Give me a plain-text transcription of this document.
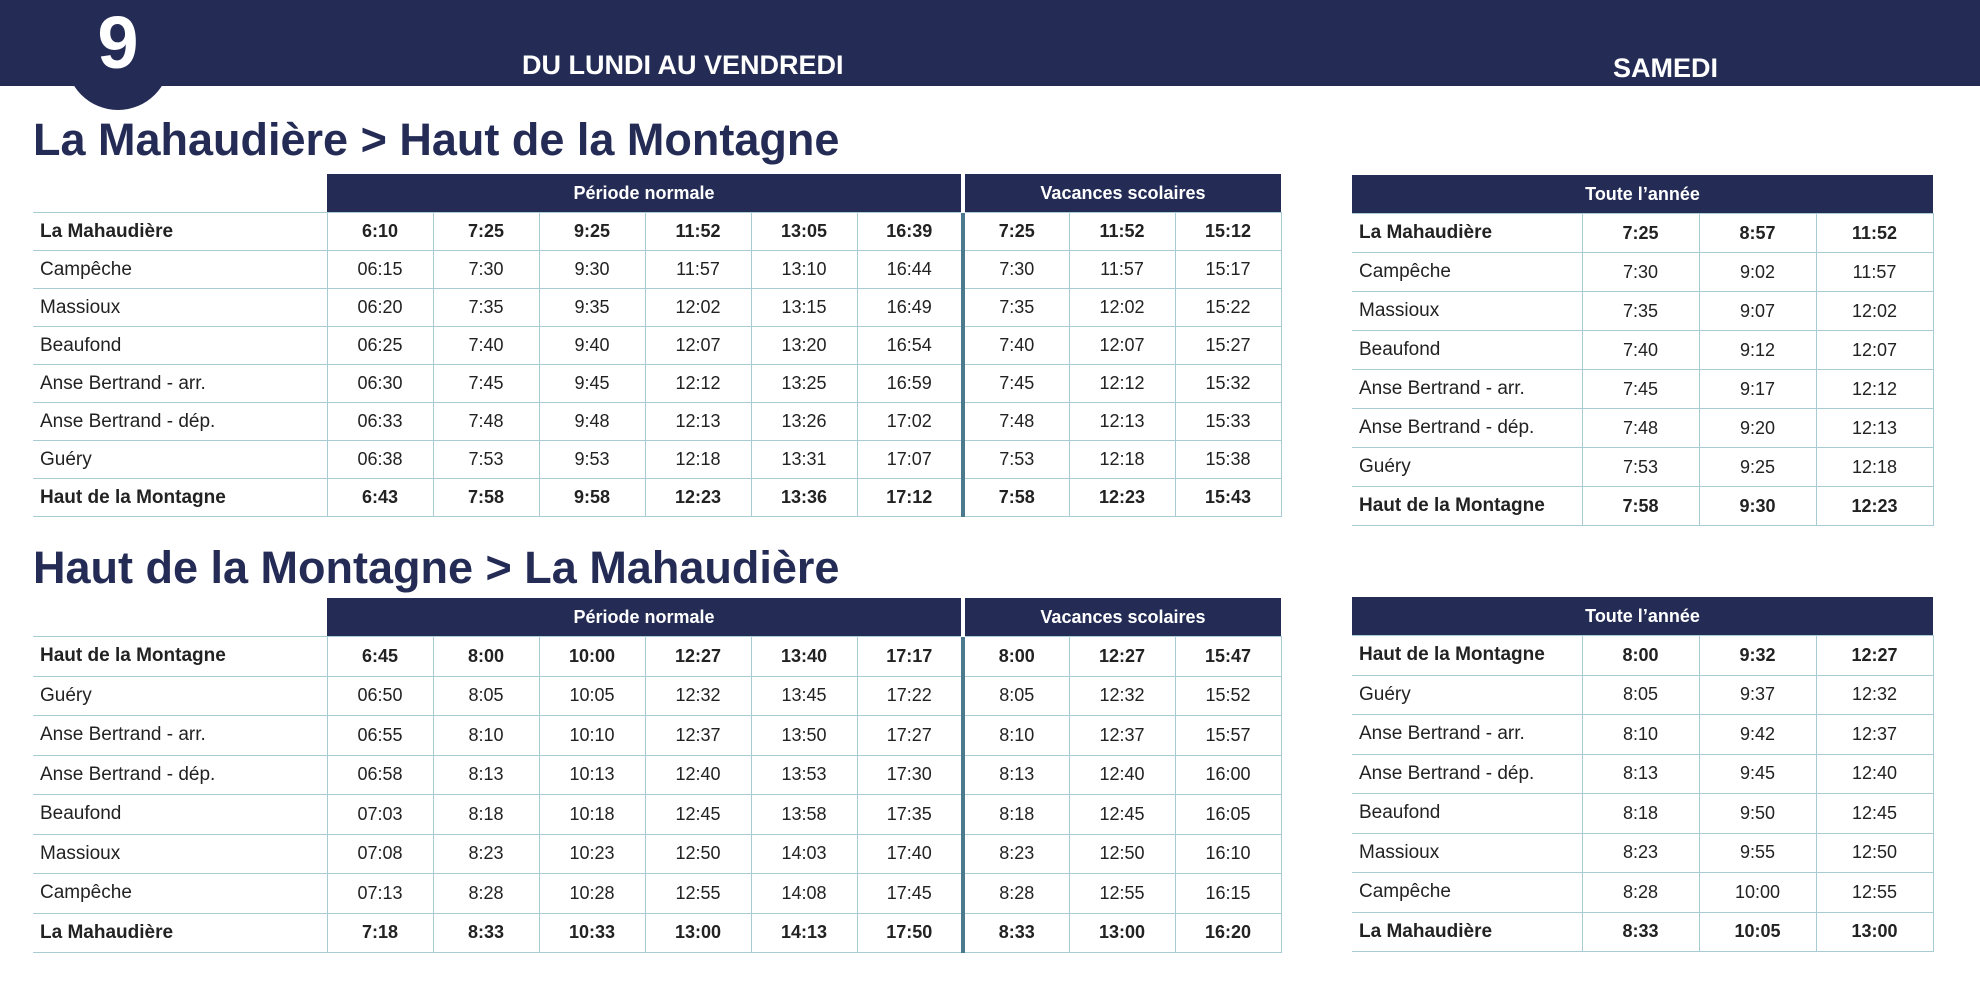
9	DU LUNDI AU VENDREDI	SAMEDI
La Mahaudière > Haut de la Montagne
	Période normale						Vacances scolaires		
La Mahaudière	6:10	7:25	9:25	11:52	13:05	16:39	7:25	11:52	15:12
Campêche	06:15	7:30	9:30	11:57	13:10	16:44	7:30	11:57	15:17
Massioux	06:20	7:35	9:35	12:02	13:15	16:49	7:35	12:02	15:22
Beaufond	06:25	7:40	9:40	12:07	13:20	16:54	7:40	12:07	15:27
Anse Bertrand - arr.	06:30	7:45	9:45	12:12	13:25	16:59	7:45	12:12	15:32
Anse Bertrand - dép.	06:33	7:48	9:48	12:13	13:26	17:02	7:48	12:13	15:33
Guéry	06:38	7:53	9:53	12:18	13:31	17:07	7:53	12:18	15:38
Haut de la Montagne	6:43	7:58	9:58	12:23	13:36	17:12	7:58	12:23	15:43
Toute l’année			
La Mahaudière	7:25	8:57	11:52
Campêche	7:30	9:02	11:57
Massioux	7:35	9:07	12:02
Beaufond	7:40	9:12	12:07
Anse Bertrand - arr.	7:45	9:17	12:12
Anse Bertrand - dép.	7:48	9:20	12:13
Guéry	7:53	9:25	12:18
Haut de la Montagne	7:58	9:30	12:23
Haut de la Montagne > La Mahaudière
	Période normale						Vacances scolaires		
Haut de la Montagne	6:45	8:00	10:00	12:27	13:40	17:17	8:00	12:27	15:47
Guéry	06:50	8:05	10:05	12:32	13:45	17:22	8:05	12:32	15:52
Anse Bertrand - arr.	06:55	8:10	10:10	12:37	13:50	17:27	8:10	12:37	15:57
Anse Bertrand - dép.	06:58	8:13	10:13	12:40	13:53	17:30	8:13	12:40	16:00
Beaufond	07:03	8:18	10:18	12:45	13:58	17:35	8:18	12:45	16:05
Massioux	07:08	8:23	10:23	12:50	14:03	17:40	8:23	12:50	16:10
Campêche	07:13	8:28	10:28	12:55	14:08	17:45	8:28	12:55	16:15
La Mahaudière	7:18	8:33	10:33	13:00	14:13	17:50	8:33	13:00	16:20
Toute l’année			
Haut de la Montagne	8:00	9:32	12:27
Guéry	8:05	9:37	12:32
Anse Bertrand - arr.	8:10	9:42	12:37
Anse Bertrand - dép.	8:13	9:45	12:40
Beaufond	8:18	9:50	12:45
Massioux	8:23	9:55	12:50
Campêche	8:28	10:00	12:55
La Mahaudière	8:33	10:05	13:00
